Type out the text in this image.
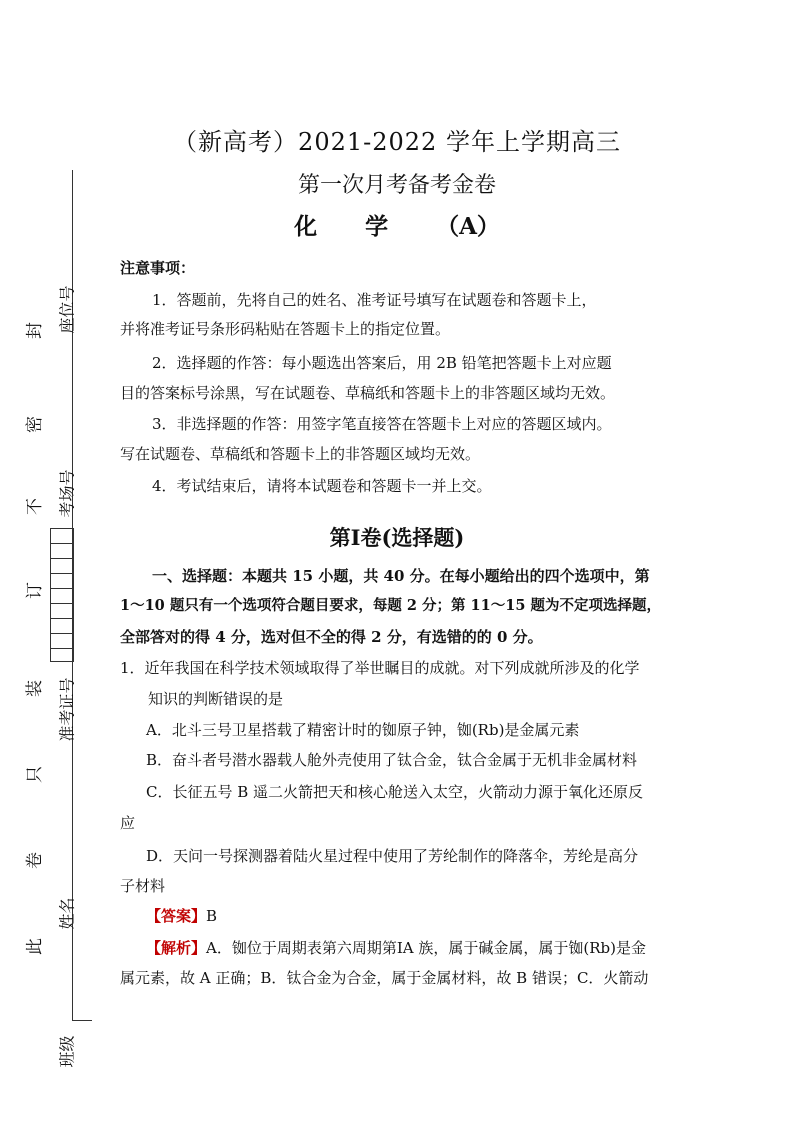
（新高考）2021-2022 学年上学期高三
第一次月考备考金卷
化 学 （A）
座位号
考场号
准考证号
姓名
班级
封
密
不
订
装
只
卷
此
注意事项：
1．答题前，先将自己的姓名、准考证号填写在试题卷和答题卡上，
并将准考证号条形码粘贴在答题卡上的指定位置。
2．选择题的作答：每小题选出答案后，用 2B 铅笔把答题卡上对应题
目的答案标号涂黑，写在试题卷、草稿纸和答题卡上的非答题区域均无效。
3．非选择题的作答：用签字笔直接答在答题卡上对应的答题区域内。
写在试题卷、草稿纸和答题卡上的非答题区域均无效。
4．考试结束后，请将本试题卷和答题卡一并上交。
第Ⅰ卷(选择题)
一、选择题：本题共 15 小题，共 40 分。在每小题给出的四个选项中，第
1～10 题只有一个选项符合题目要求，每题 2 分；第 11～15 题为不定项选择题，
全部答对的得 4 分，选对但不全的得 2 分，有选错的的 0 分。
1．近年我国在科学技术领域取得了举世瞩目的成就。对下列成就所涉及的化学
知识的判断错误的是
A．北斗三号卫星搭载了精密计时的铷原子钟，铷(Rb)是金属元素
B．奋斗者号潜水器载人舱外壳使用了钛合金，钛合金属于无机非金属材料
C．长征五号 B 遥二火箭把天和核心舱送入太空，火箭动力源于氧化还原反
应
D．天问一号探测器着陆火星过程中使用了芳纶制作的降落伞，芳纶是高分
子材料
【答案】B
【解析】A．铷位于周期表第六周期第ⅠA 族，属于碱金属，属于铷(Rb)是金
属元素，故 A 正确；B．钛合金为合金，属于金属材料，故 B 错误；C．火箭动
